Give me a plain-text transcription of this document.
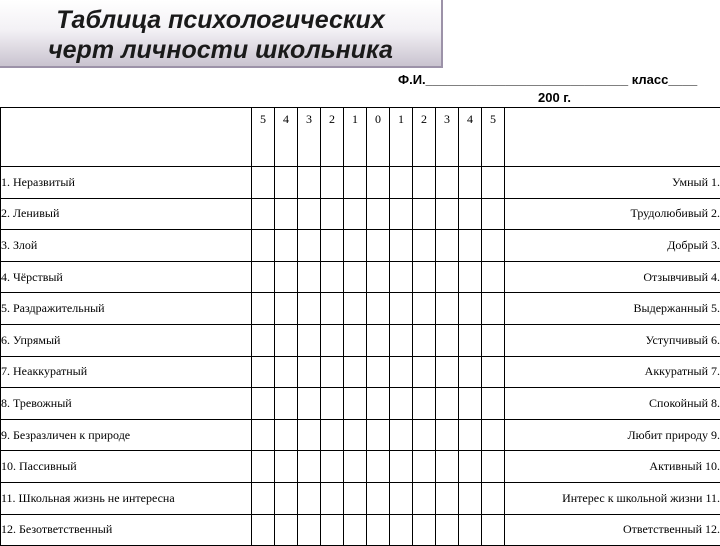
Таблица психологических
черт личности школьника
Ф.И.____________________________ класс____
200 г.
	5	4	3	2	1	0	1	2	3	4	5	
1. Неразвитый												Умный 1.
2. Ленивый												Трудолюбивый 2.
3. Злой												Добрый 3.
4. Чёрствый												Отзывчивый 4.
5. Раздражительный												Выдержанный 5.
6. Упрямый												Уступчивый 6.
7. Неаккуратный												Аккуратный 7.
8. Тревожный												Спокойный 8.
9. Безразличен к природе												Любит природу 9.
10. Пассивный												Активный 10.
11. Школьная жизнь не интересна												Интерес к школьной жизни 11.
12. Безответственный												Ответственный 12.
